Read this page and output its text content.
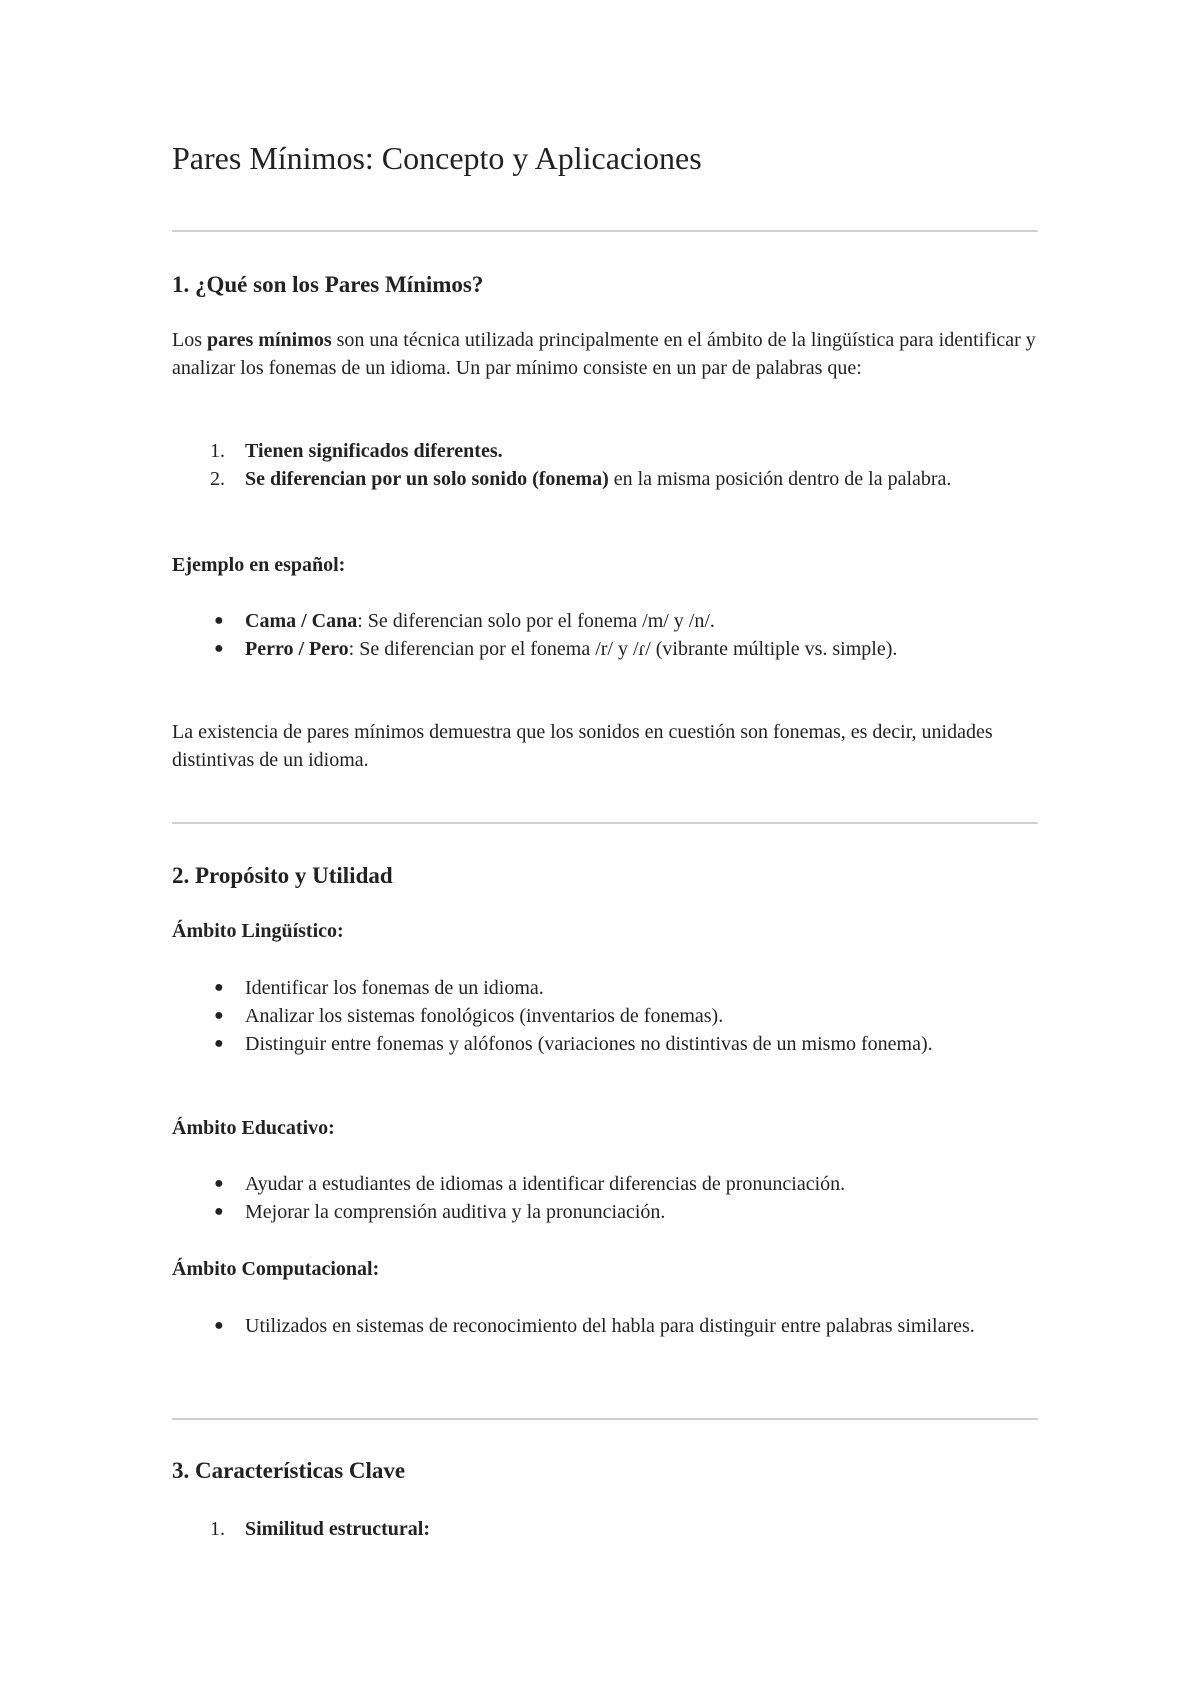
Pares Mínimos: Concepto y Aplicaciones
1. ¿Qué son los Pares Mínimos?

Los pares mínimos son una técnica utilizada principalmente en el ámbito de la lingüística para identificar y analizar los fonemas de un idioma. Un par mínimo consiste en un par de palabras que:

1. Tienen significados diferentes.
2. Se diferencian por un solo sonido (fonema) en la misma posición dentro de la palabra.
Ejemplo en español:
● Cama / Cana: Se diferencian solo por el fonema /m/ y /n/.
● Perro / Pero: Se diferencian por el fonema /r/ y /ɾ/ (vibrante múltiple vs. simple).

La existencia de pares mínimos demuestra que los sonidos en cuestión son fonemas, es decir, unidades distintivas de un idioma.

2. Propósito y Utilidad
Ámbito Lingüístico:
● Identificar los fonemas de un idioma.
● Analizar los sistemas fonológicos (inventarios de fonemas).
● Distinguir entre fonemas y alófonos (variaciones no distintivas de un mismo fonema).
Ámbito Educativo:
● Ayudar a estudiantes de idiomas a identificar diferencias de pronunciación.
● Mejorar la comprensión auditiva y la pronunciación.
Ámbito Computacional:
● Utilizados en sistemas de reconocimiento del habla para distinguir entre palabras similares.
3. Características Clave
1. Similitud estructural:
